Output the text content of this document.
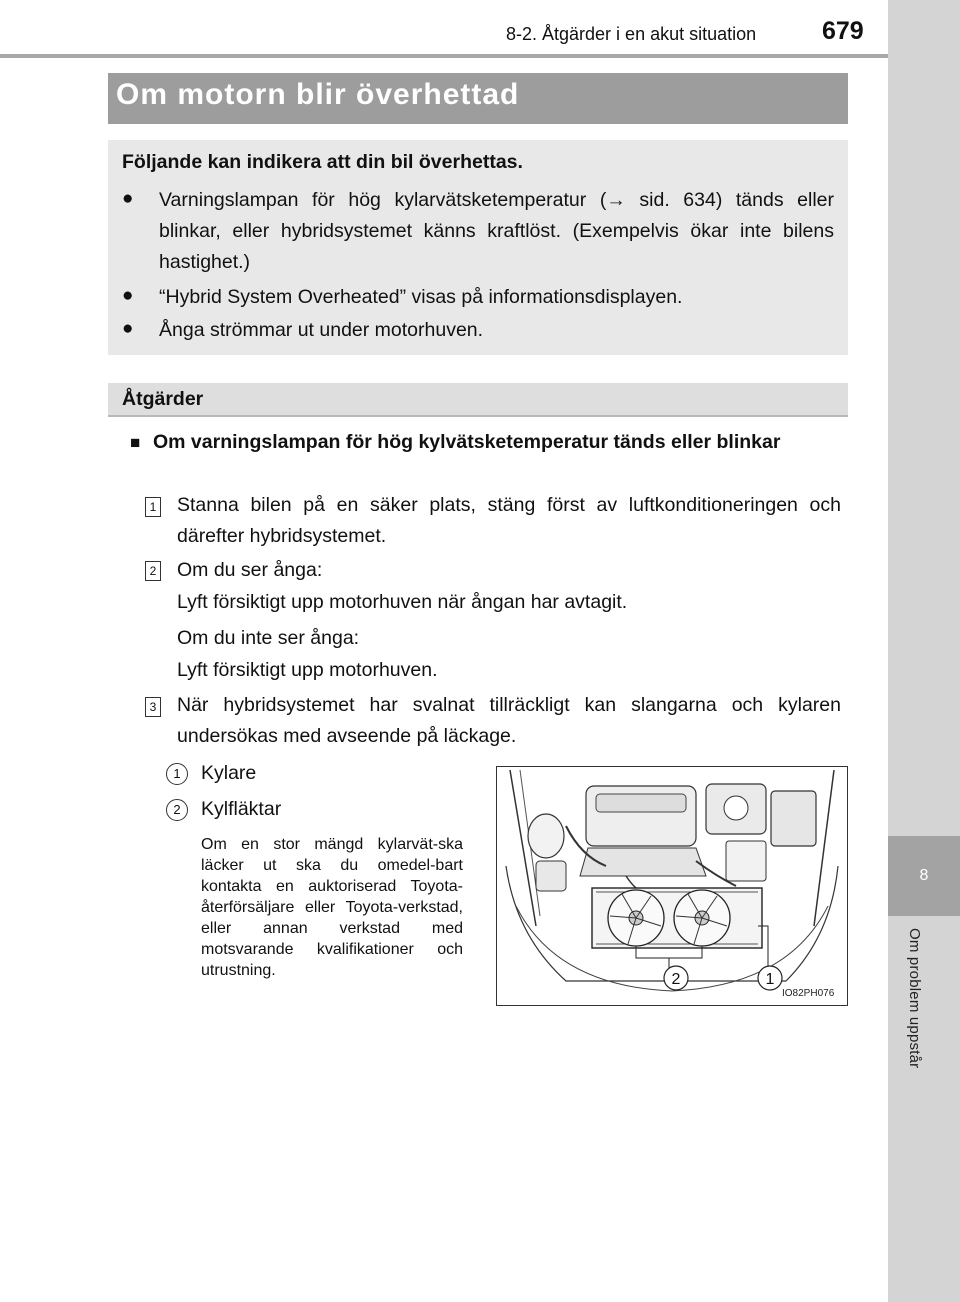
8
Om problem uppstår
8-2. Åtgärder i en akut situation	679
Om motorn blir överhettad
Följande kan indikera att din bil överhettas.
● Varningslampan för hög kylarvätsketemperatur (→ sid. 634) tänds eller blinkar, eller hybridsystemet känns kraftlöst. (Exempelvis ökar inte bilens hastighet.)
● “Hybrid System Overheated” visas på informationsdisplayen.
● Ånga strömmar ut under motorhuven.
Åtgärder
■ Om varningslampan för hög kylvätsketemperatur tänds eller blinkar
1 Stanna bilen på en säker plats, stäng först av luftkonditioneringen och därefter hybridsystemet.
2 Om du ser ånga:
Lyft försiktigt upp motorhuven när ångan har avtagit.
Om du inte ser ånga:
Lyft försiktigt upp motorhuven.
3 När hybridsystemet har svalnat tillräckligt kan slangarna och kylaren undersökas med avseende på läckage.
1	Kylare
2	Kylfläktar
Om en stor mängd kylarvät-ska läcker ut ska du omedel-bart kontakta en auktoriserad Toyota-återförsäljare eller Toyota-verkstad, eller annan verkstad med motsvarande kvalifikationer och utrustning.
2	1
IO82PH076
